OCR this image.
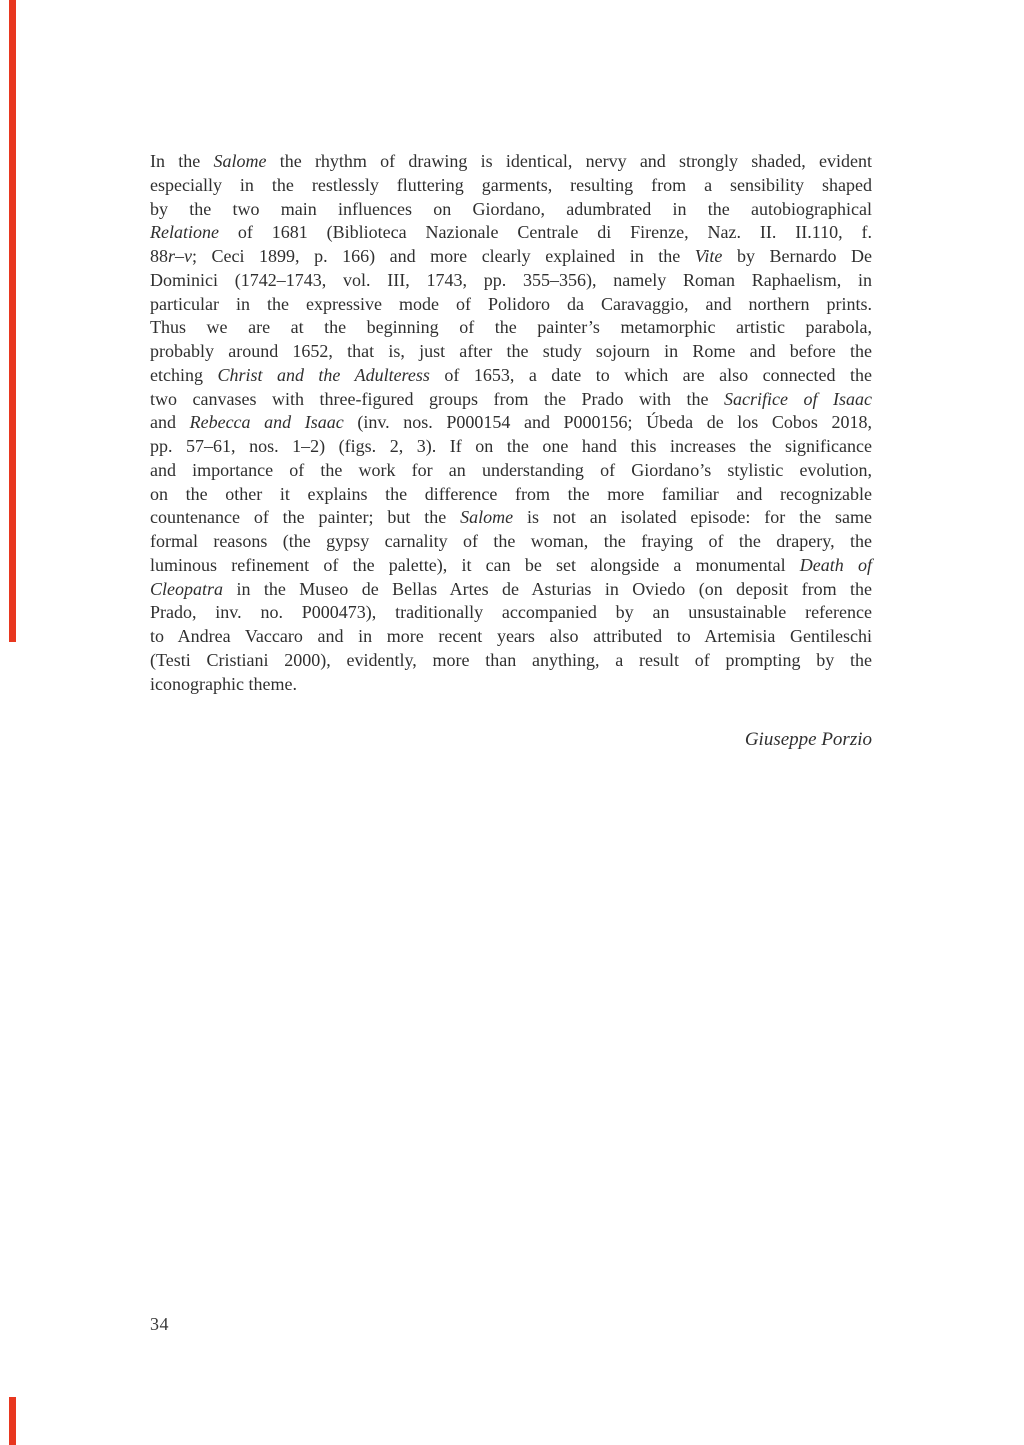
In the Salome the rhythm of drawing is identical, nervy and strongly shaded, evident
especially in the restlessly fluttering garments, resulting from a sensibility shaped
by the two main influences on Giordano, adumbrated in the autobiographical
Relatione of 1681 (Biblioteca Nazionale Centrale di Firenze, Naz. II. II.110, f.
88r–v; Ceci 1899, p. 166) and more clearly explained in the Vite by Bernardo De
Dominici (1742–1743, vol. III, 1743, pp. 355–356), namely Roman Raphaelism, in
particular in the expressive mode of Polidoro da Caravaggio, and northern prints.
Thus we are at the beginning of the painter’s metamorphic artistic parabola,
probably around 1652, that is, just after the study sojourn in Rome and before the
etching Christ and the Adulteress of 1653, a date to which are also connected the
two canvases with three-figured groups from the Prado with the Sacrifice of Isaac
and Rebecca and Isaac (inv. nos. P000154 and P000156; Úbeda de los Cobos 2018,
pp. 57–61, nos. 1–2) (figs. 2, 3). If on the one hand this increases the significance
and importance of the work for an understanding of Giordano’s stylistic evolution,
on the other it explains the difference from the more familiar and recognizable
countenance of the painter; but the Salome is not an isolated episode: for the same
formal reasons (the gypsy carnality of the woman, the fraying of the drapery, the
luminous refinement of the palette), it can be set alongside a monumental Death of
Cleopatra in the Museo de Bellas Artes de Asturias in Oviedo (on deposit from the
Prado, inv. no. P000473), traditionally accompanied by an unsustainable reference
to Andrea Vaccaro and in more recent years also attributed to Artemisia Gentileschi
(Testi Cristiani 2000), evidently, more than anything, a result of prompting by the
iconographic theme.
Giuseppe Porzio
34
